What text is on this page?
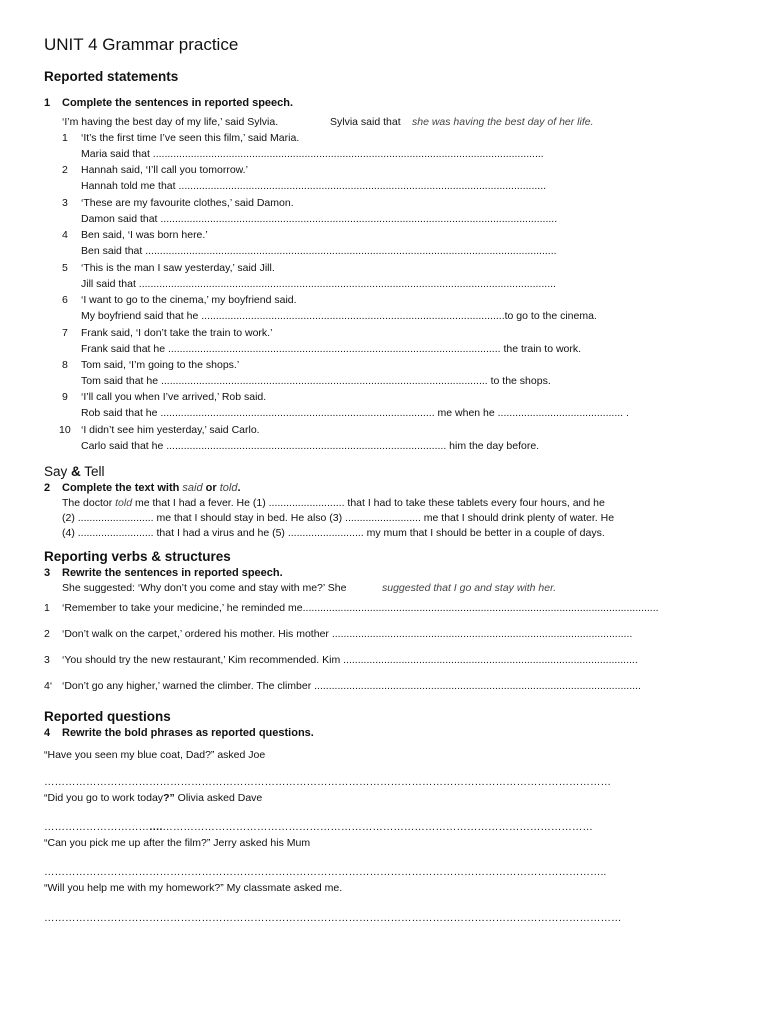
UNIT 4 Grammar practice
Reported statements
1 Complete the sentences in reported speech.
‘I’m having the best day of my life,’ said Sylvia.	Sylvia said that she was having the best day of her life.
1 ‘It’s the first time I’ve seen this film,’ said Maria.
Maria said that ......................................................................................................................................
2 Hannah said, ‘I’ll call you tomorrow.’
Hannah told me that ..............................................................................................................................
3 ‘These are my favourite clothes,’ said Damon.
Damon said that ........................................................................................................................................
4 Ben said, ‘I was born here.’
Ben said that .............................................................................................................................................
5 ‘This is the man I saw yesterday,’ said Jill.
Jill said that ...............................................................................................................................................
6 ‘I want to go to the cinema,’ my boyfriend said.
My boyfriend said that he ........................................................................................................to go to the cinema.
7 Frank said, ‘I don’t take the train to work.’
Frank said that he .................................................................................................................. the train to work.
8 Tom said, ‘I’m going to the shops.’
Tom said that he ................................................................................................................ to the shops.
9 ‘I’ll call you when I’ve arrived,’ Rob said.
Rob said that he .............................................................................................. me when he ........................................... .
10 ‘I didn’t see him yesterday,’ said Carlo.
Carlo said that he ................................................................................................ him the day before.
Say & Tell
2 Complete the text with said or told.
The doctor told me that I had a fever. He (1) .......................... that I had to take these tablets every four hours, and he
(2) .......................... me that I should stay in bed. He also (3) .......................... me that I should drink plenty of water. He
(4) .......................... that I had a virus and he (5) .......................... my mum that I should be better in a couple of days.
Reporting verbs & structures
3 Rewrite the sentences in reported speech.
She suggested: ‘Why don’t you come and stay with me?’ She	suggested that I go and stay with her.
1 ‘Remember to take your medicine,’ he reminded me..........................................................................................................................
2 ‘Don’t walk on the carpet,’ ordered his mother. His mother .......................................................................................................
3 ‘You should try the new restaurant,’ Kim recommended. Kim .....................................................................................................
4‘ ‘Don’t go any higher,’ warned the climber. The climber ................................................................................................................
Reported questions
4 Rewrite the bold phrases as reported questions.
“Have you seen my blue coat, Dad?” asked Joe
………………………………………………………………………………………………………………………………………………
“Did you go to work today?” Olivia asked Dave
…………………………….……………………………………………………………………………………………………………
“Can you pick me up after the film?” Jerry asked his Mum
……………………………………………………………………………………………………………………………………………..
“Will you help me with my homework?” My classmate asked me.
…………………………………………………………………………………………………………………………………………………
